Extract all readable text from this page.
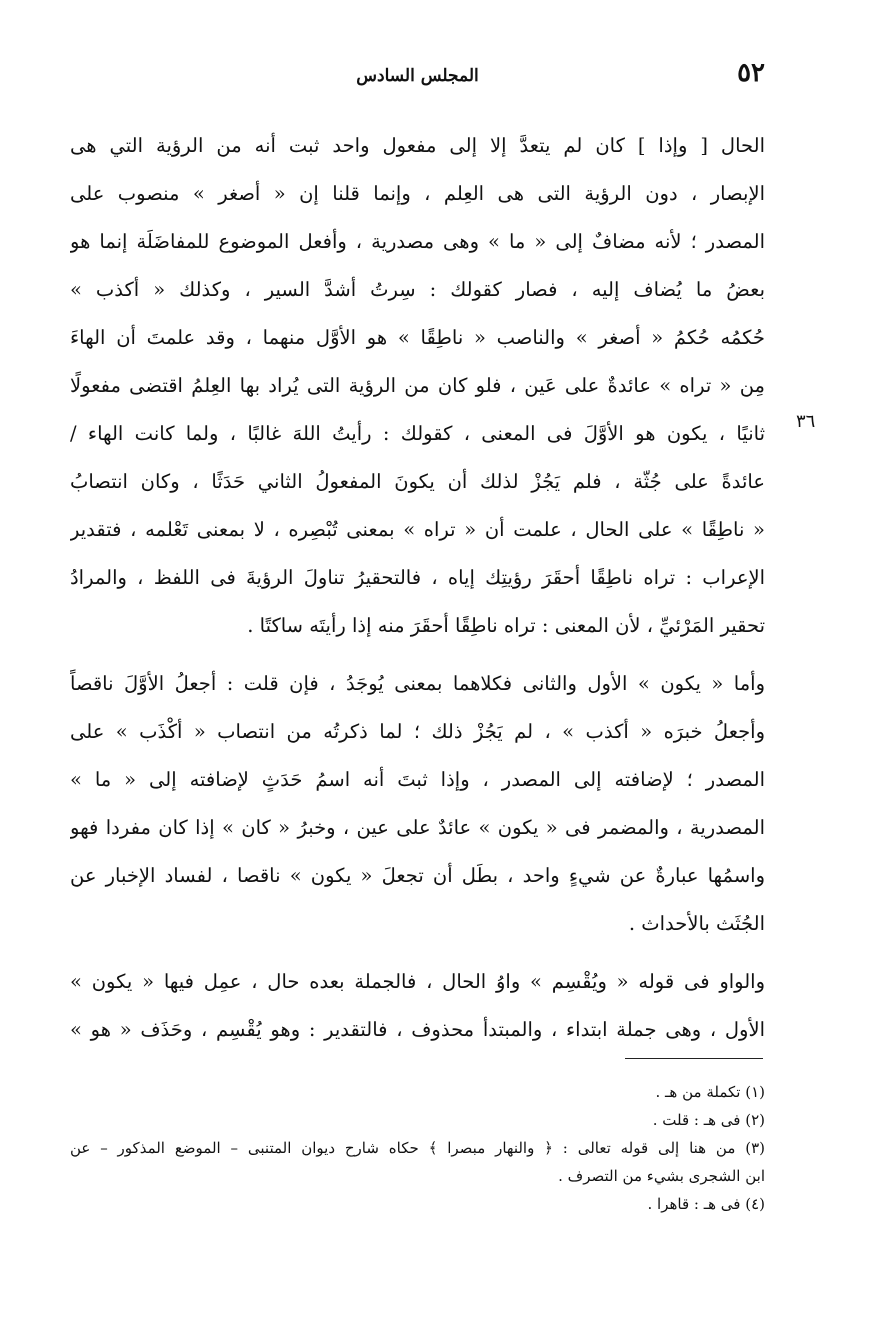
٥٢
المجلس السادس
٣٦

الحال [ وإذا ] كان لم يتعدَّ إلا إلى مفعول واحد ثبت أنه من الرؤية التي هى
الإبصار ، دون الرؤية التى هى العِلم ، وإنما قلنا إن « أصغر » منصوب على
المصدر ؛ لأنه مضافٌ إلى « ما » وهى مصدرية ، وأفعل الموضوع للمفاضَلَة إنما هو
بعضُ ما يُضاف إليه ، فصار كقولك : سِرتُ أشدَّ السير ، وكذلك « أكذب »
حُكمُه حُكمُ « أصغر » والناصب « ناطِقًا » هو الأوَّل منهما ، وقد علمتَ أن الهاءَ
مِن « تراه » عائدةٌ على عَين ، فلو كان من الرؤية التى يُراد بها العِلمُ اقتضى مفعولًا
ثانيًا ، يكون هو الأوَّلَ فى المعنى ، كقولك : رأيتُ اللهَ غالبًا ، ولما كانت الهاء /
عائدةً على جُثّة ، فلم يَجُزْ لذلك أن يكونَ المفعولُ الثاني حَدَثًا ، وكان انتصابُ
« ناطِقًا » على الحال ، علمت أن « تراه » بمعنى تُبْصِره ، لا بمعنى تَعْلمه ، فتقدير
الإعراب : تراه ناطِقًا أحقَرَ رؤيتِك إياه ، فالتحقيرُ تناولَ الرؤيةَ فى اللفظ ، والمرادُ
تحقير المَرْئيِّ ، لأن المعنى : تراه ناطِقًا أحقَرَ منه إذا رأيتَه ساكتًا .

وأما « يكون » الأول والثانى فكلاهما بمعنى يُوجَدُ ، فإن قلت : أجعلُ الأوَّلَ ناقصاً
وأجعلُ خبرَه « أكذب » ، لم يَجُزْ ذلك ؛ لما ذكرتُه من انتصاب « أكْذَب » على
المصدر ؛ لإضافته إلى المصدر ، وإذا ثبتَ أنه اسمُ حَدَثٍ لإضافته إلى « ما »
المصدرية ، والمضمر فى « يكون » عائدٌ على عين ، وخبرُ « كان » إذا كان مفردا فهو
واسمُها عبارةٌ عن شيءٍ واحد ، بطَل أن تجعلَ « يكون » ناقصا ، لفساد الإخبار عن
الجُثَث بالأحداث .

والواو فى قوله « ويُقْسِم » واوُ الحال ، فالجملة بعده حال ، عمِل فيها « يكون »
الأول ، وهى جملة ابتداء ، والمبتدأ محذوف ، فالتقدير : وهو يُقْسِم ، وحَذَف « هو »

(١) تكملة من هـ .
(٢) فى هـ : قلت .
(٣) من هنا إلى قوله تعالى : ﴿ والنهار مبصرا ﴾ حكاه شارح ديوان المتنبى – الموضع المذكور – عن
ابن الشجرى بشيء من التصرف .
(٤) فى هـ : قاهرا .
